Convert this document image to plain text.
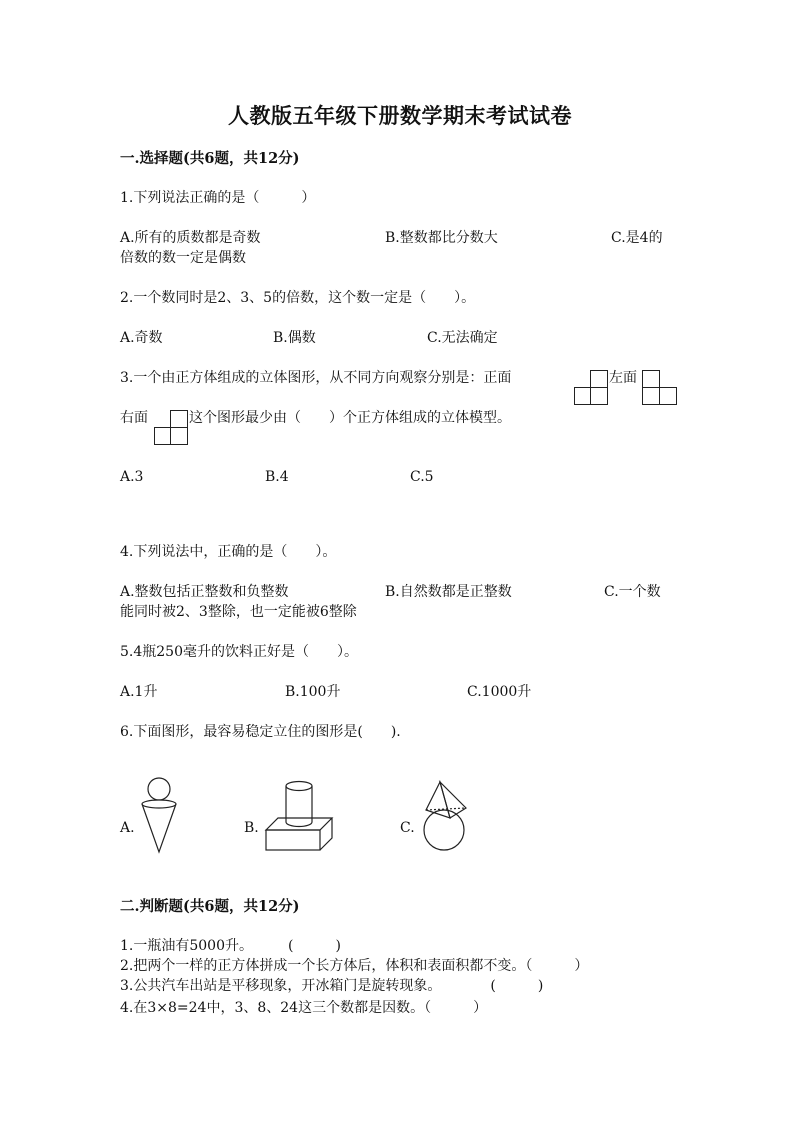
人教版五年级下册数学期末考试试卷
一.选择题(共6题，共12分)
1.下列说法正确的是（　　　）
A.所有的质数都是奇数	B.整数都比分数大	C.是4的
倍数的数一定是偶数
2.一个数同时是2、3、5的倍数，这个数一定是（　　）。
A.奇数	B.偶数	C.无法确定
3.一个由正方体组成的立体图形，从不同方向观察分别是：正面	左面
右面	这个图形最少由（　　）个正方体组成的立体模型。
A.3	B.4	C.5
4.下列说法中，正确的是（　　）。
A.整数包括正整数和负整数	B.自然数都是正整数	C.一个数
能同时被2、3整除，也一定能被6整除
5.4瓶250毫升的饮料正好是（　　）。
A.1升	B.100升	C.1000升
6.下面图形，最容易稳定立住的图形是(　　).
A.	B.	C.
二.判断题(共6题，共12分)
1.一瓶油有5000升。　　　(　　　)
2.把两个一样的正方体拼成一个长方体后，体积和表面积都不变。（　　　）
3.公共汽车出站是平移现象，开冰箱门是旋转现象。　　　　(　　　)
4.在3×8=24中，3、8、24这三个数都是因数。（　　　）
